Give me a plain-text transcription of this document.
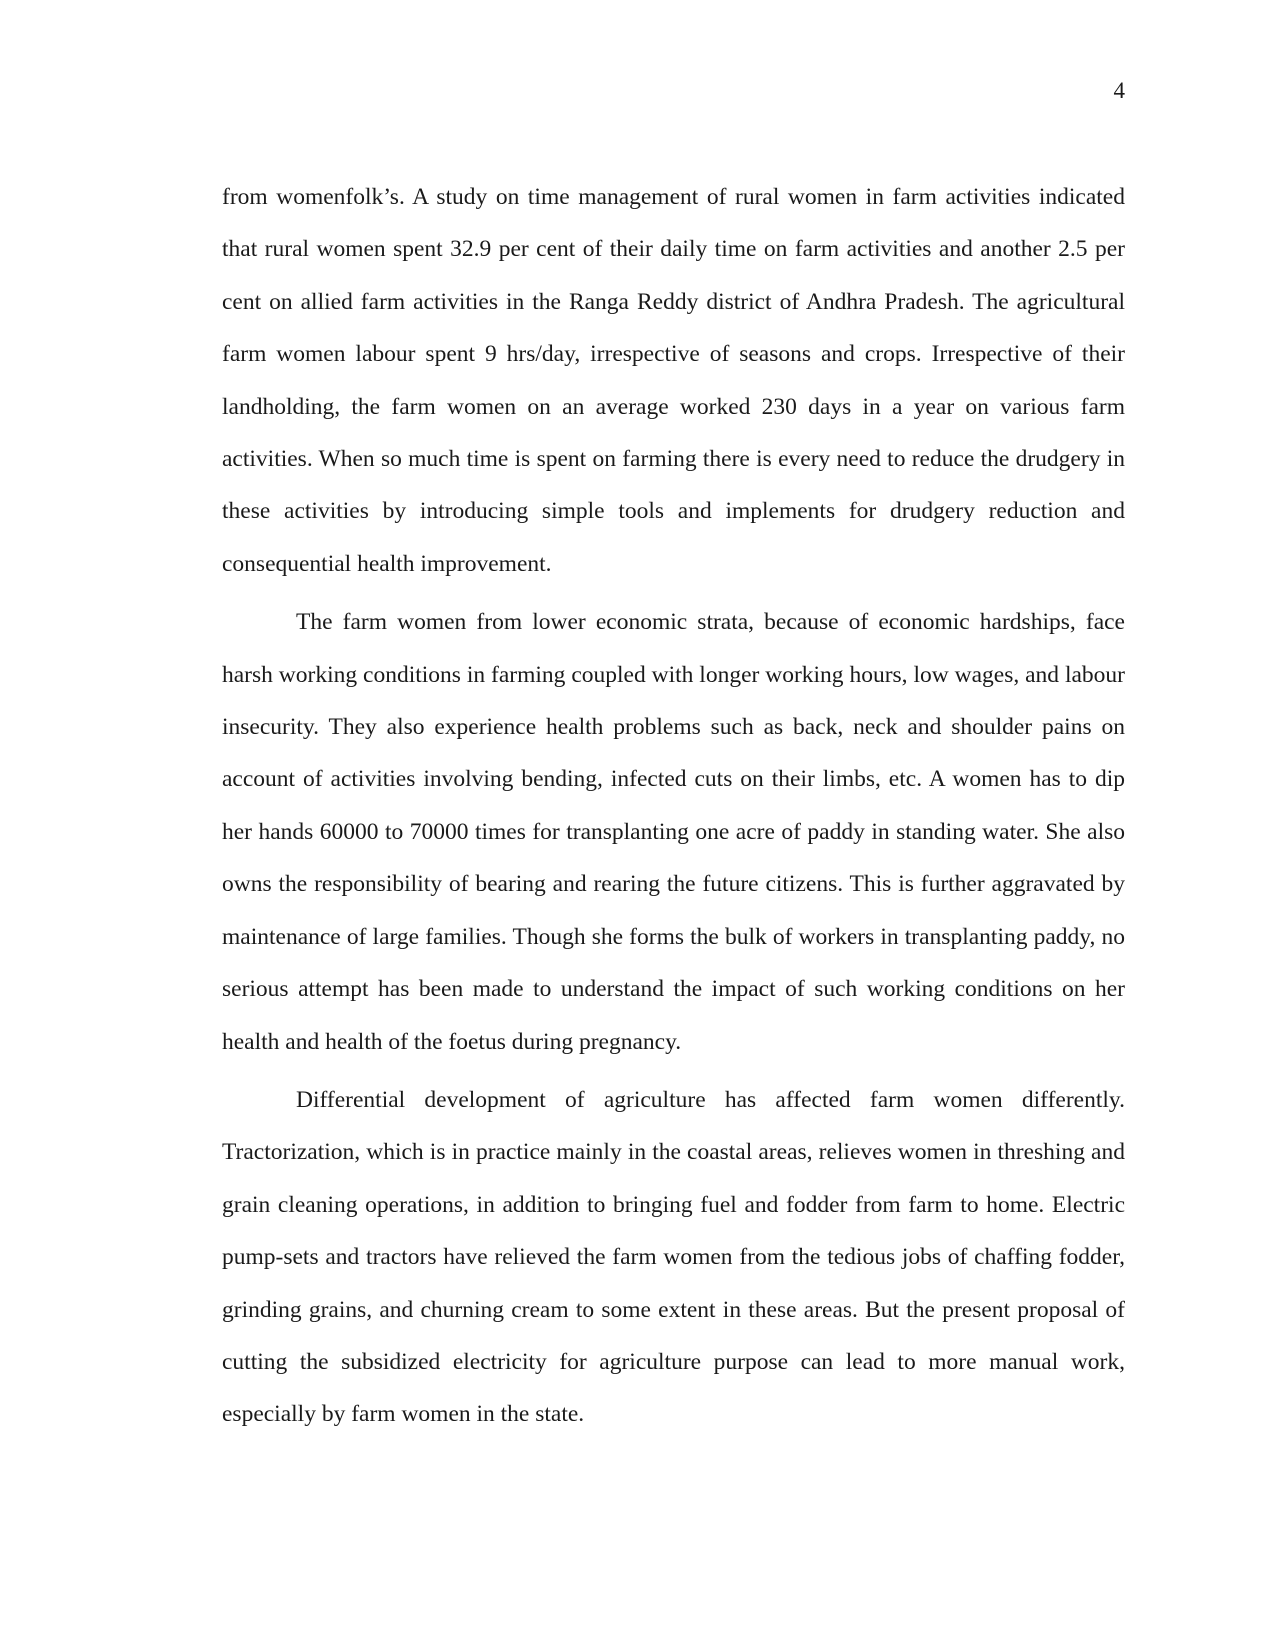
4

from womenfolk’s. A study on time management of rural women in farm activities indicated that rural women spent 32.9 per cent of their daily time on farm activities and another 2.5 per cent on allied farm activities in the Ranga Reddy district of Andhra Pradesh. The agricultural farm women labour spent 9 hrs/day, irrespective of seasons and crops. Irrespective of their landholding, the farm women on an average worked 230 days in a year on various farm activities. When so much time is spent on farming there is every need to reduce the drudgery in these activities by introducing simple tools and implements for drudgery reduction and consequential health improvement.

The farm women from lower economic strata, because of economic hardships, face harsh working conditions in farming coupled with longer working hours, low wages, and labour insecurity. They also experience health problems such as back, neck and shoulder pains on account of activities involving bending, infected cuts on their limbs, etc. A women has to dip her hands 60000 to 70000 times for transplanting one acre of paddy in standing water. She also owns the responsibility of bearing and rearing the future citizens. This is further aggravated by maintenance of large families. Though she forms the bulk of workers in transplanting paddy, no serious attempt has been made to understand the impact of such working conditions on her health and health of the foetus during pregnancy.

Differential development of agriculture has affected farm women differently. Tractorization, which is in practice mainly in the coastal areas, relieves women in threshing and grain cleaning operations, in addition to bringing fuel and fodder from farm to home. Electric pump-sets and tractors have relieved the farm women from the tedious jobs of chaffing fodder, grinding grains, and churning cream to some extent in these areas. But the present proposal of cutting the subsidized electricity for agriculture purpose can lead to more manual work, especially by farm women in the state.
